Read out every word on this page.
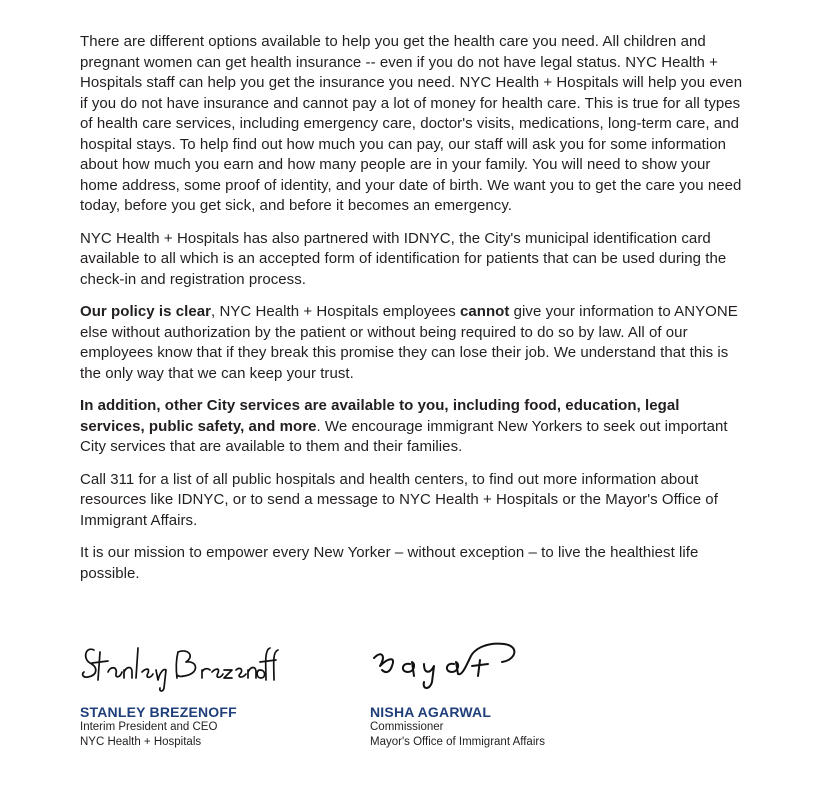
There are different options available to help you get the health care you need. All children and pregnant women can get health insurance -- even if you do not have legal status. NYC Health + Hospitals staff can help you get the insurance you need. NYC Health + Hospitals will help you even if you do not have insurance and cannot pay a lot of money for health care. This is true for all types of health care services, including emergency care, doctor's visits, medications, long-term care, and hospital stays. To help find out how much you can pay, our staff will ask you for some information about how much you earn and how many people are in your family. You will need to show your home address, some proof of identity, and your date of birth. We want you to get the care you need today, before you get sick, and before it becomes an emergency.

NYC Health + Hospitals has also partnered with IDNYC, the City's municipal identification card available to all which is an accepted form of identification for patients that can be used during the check-in and registration process.

Our policy is clear, NYC Health + Hospitals employees cannot give your information to ANYONE else without authorization by the patient or without being required to do so by law. All of our employees know that if they break this promise they can lose their job. We understand that this is the only way that we can keep your trust.

In addition, other City services are available to you, including food, education, legal services, public safety, and more. We encourage immigrant New Yorkers to seek out important City services that are available to them and their families.

Call 311 for a list of all public hospitals and health centers, to find out more information about resources like IDNYC, or to send a message to NYC Health + Hospitals or the Mayor's Office of Immigrant Affairs.

It is our mission to empower every New Yorker – without exception – to live the healthiest life possible.

STANLEY BREZENOFF
Interim President and CEO
NYC Health + Hospitals
NISHA AGARWAL
Commissioner
Mayor's Office of Immigrant Affairs
